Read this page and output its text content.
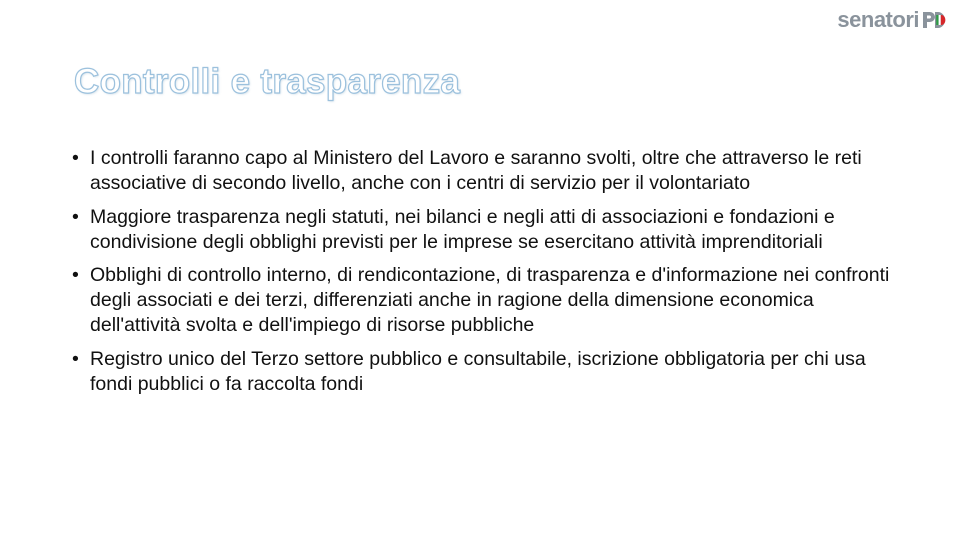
senatori
Controlli e trasparenza
• I controlli faranno capo al Ministero del Lavoro e saranno svolti, oltre che attraverso le reti associative di secondo livello, anche con i centri di servizio per il volontariato
• Maggiore trasparenza negli statuti, nei bilanci e negli atti di associazioni e fondazioni e condivisione degli obblighi previsti per le imprese se esercitano attività imprenditoriali
• Obblighi di controllo interno, di rendicontazione, di trasparenza e d'informazione nei confronti degli associati e dei terzi, differenziati anche in ragione della dimensione economica dell'attività svolta e dell'impiego di risorse pubbliche
• Registro unico del Terzo settore pubblico e consultabile, iscrizione obbligatoria per chi usa fondi pubblici o fa raccolta fondi
